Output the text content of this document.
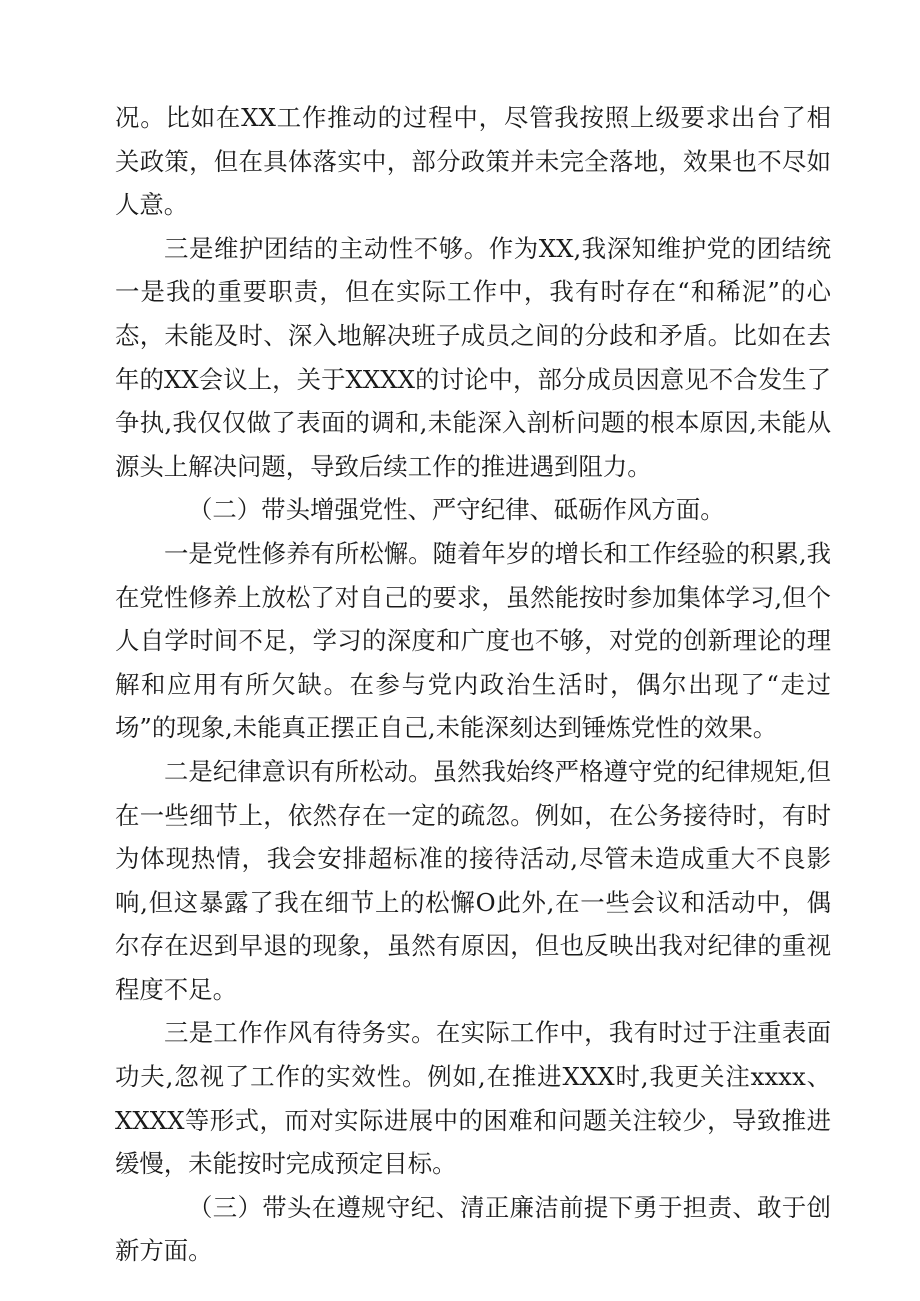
况。比如在XX工作推动的过程中，尽管我按照上级要求出台了相关政策，但在具体落实中，部分政策并未完全落地，效果也不尽如人意。

三是维护团结的主动性不够。作为XX,我深知维护党的团结统一是我的重要职责，但在实际工作中，我有时存在“和稀泥”的心态，未能及时、深入地解决班子成员之间的分歧和矛盾。比如在去年的XX会议上，关于XXXX的讨论中，部分成员因意见不合发生了争执,我仅仅做了表面的调和,未能深入剖析问题的根本原因,未能从源头上解决问题，导致后续工作的推进遇到阻力。

（二）带头增强党性、严守纪律、砥砺作风方面。

一是党性修养有所松懈。随着年岁的增长和工作经验的积累,我在党性修养上放松了对自己的要求，虽然能按时参加集体学习,但个人自学时间不足，学习的深度和广度也不够，对党的创新理论的理解和应用有所欠缺。在参与党内政治生活时，偶尔出现了“走过场”的现象,未能真正摆正自己,未能深刻达到锤炼党性的效果。

二是纪律意识有所松动。虽然我始终严格遵守党的纪律规矩,但在一些细节上，依然存在一定的疏忽。例如，在公务接待时，有时为体现热情，我会安排超标准的接待活动,尽管未造成重大不良影响,但这暴露了我在细节上的松懈O此外,在一些会议和活动中，偶尔存在迟到早退的现象，虽然有原因，但也反映出我对纪律的重视程度不足。

三是工作作风有待务实。在实际工作中，我有时过于注重表面功夫,忽视了工作的实效性。例如,在推进XXX时,我更关注xxxx、XXXX等形式，而对实际进展中的困难和问题关注较少，导致推进缓慢，未能按时完成预定目标。

（三）带头在遵规守纪、清正廉洁前提下勇于担责、敢于创新方面。
